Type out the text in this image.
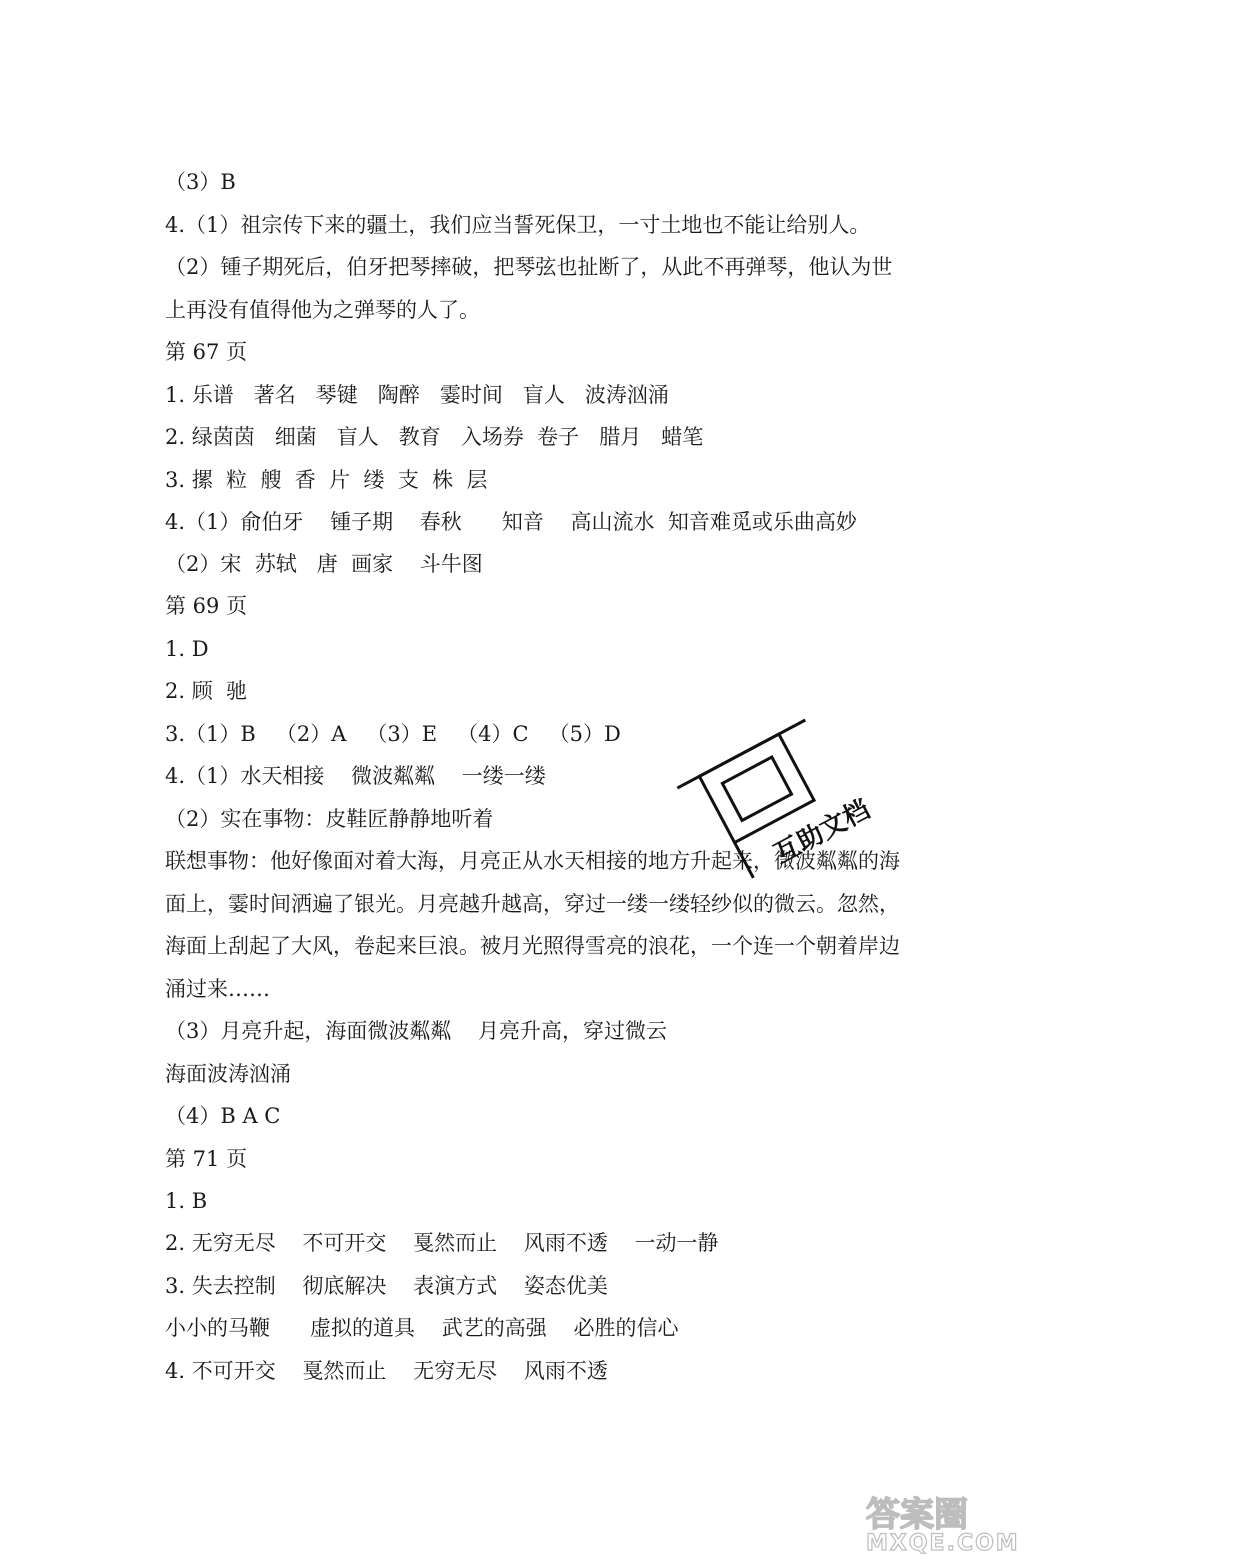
（3）B
4.（1）祖宗传下来的疆土，我们应当誓死保卫，一寸土地也不能让给别人。
（2）锺子期死后，伯牙把琴摔破，把琴弦也扯断了，从此不再弹琴，他认为世
上再没有值得他为之弹琴的人了。
第 67 页
1. 乐谱   著名   琴键   陶醉   霎时间   盲人   波涛汹涌
2. 绿茵茵   细菌   盲人   教育   入场券  卷子   腊月   蜡笔
3. 摞  粒  艘  香  片  缕  支  株  层
4.（1）俞伯牙    锺子期    春秋      知音    高山流水  知音难觅或乐曲高妙
（2）宋  苏轼   唐  画家    斗牛图
第 69 页
1. D
2. 顾  驰
3.（1）B   （2）A   （3）E   （4）C   （5）D
4.（1）水天相接    微波粼粼    一缕一缕
（2）实在事物：皮鞋匠静静地听着
联想事物：他好像面对着大海，月亮正从水天相接的地方升起来，微波粼粼的海
面上，霎时间洒遍了银光。月亮越升越高，穿过一缕一缕轻纱似的微云。忽然，
海面上刮起了大风，卷起来巨浪。被月光照得雪亮的浪花，一个连一个朝着岸边
涌过来……
（3）月亮升起，海面微波粼粼    月亮升高，穿过微云
海面波涛汹涌
（4）B A C
第 71 页
1. B
2. 无穷无尽    不可开交    戛然而止    风雨不透    一动一静
3. 失去控制    彻底解决    表演方式    姿态优美
小小的马鞭      虚拟的道具    武艺的高强    必胜的信心
4. 不可开交    戛然而止    无穷无尽    风雨不透
互助文档
答案圈
MXQE.COM
